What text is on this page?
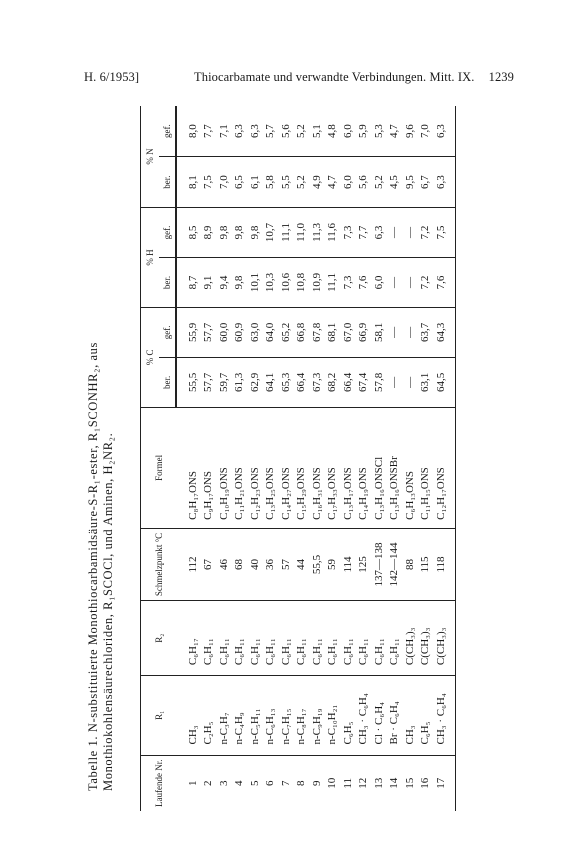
H. 6/1953]	Thiocarbamate und verwandte Verbindungen. Mitt. IX. 1239
Tabelle 1. N-substituierte Monothiocarbamidsäure-S-R₁-ester, R₁SCONHR₂, aus Monothiokohlensäurechloriden, R₁SCOCl, und Aminen, H₂NR₂.	Laufende Nr.	R₁	R₂	Schmelzpunkt °C	Formel	% C		% H		% N	
					ber.	gef.	ber.	gef.	ber.	gef.

1	CH₃	C₆H₁₇	112	C₈H₁₇ONS	55,5	55,9	8,7	8,5	8,1	8,0
2	C₂H₅	C₆H₁₁	67	C₉H₁₇ONS	57,7	57,7	9,1	8,9	7,5	7,7
3	n-C₃H₇	C₆H₁₁	46	C₁₀H₁₉ONS	59,7	60,0	9,4	9,8	7,0	7,1
4	n-C₄H₉	C₆H₁₁	68	C₁₁H₂₁ONS	61,3	60,9	9,8	9,8	6,5	6,3
5	n-C₅H₁₁	C₆H₁₁	40	C₁₂H₂₃ONS	62,9	63,0	10,1	9,8	6,1	6,3
6	n-C₆H₁₃	C₆H₁₁	36	C₁₃H₂₅ONS	64,1	64,0	10,3	10,7	5,8	5,7
7	n-C₇H₁₅	C₆H₁₁	57	C₁₄H₂₇ONS	65,3	65,2	10,6	11,1	5,5	5,6
8	n-C₈H₁₇	C₆H₁₁	44	C₁₅H₂₉ONS	66,4	66,8	10,8	11,0	5,2	5,2
9	n-C₉H₁₉	C₆H₁₁	55,5	C₁₆H₃₁ONS	67,3	67,8	10,9	11,3	4,9	5,1
10	n-C₁₀H₂₁	C₆H₁₁	59	C₁₇H₃₃ONS	68,2	68,1	11,1	11,6	4,7	4,8
11	C₆H₅	C₆H₁₁	114	C₁₃H₁₇ONS	66,4	67,0	7,3	7,3	6,0	6,0
12	CH₃ · C₆H₄	C₆H₁₁	125	C₁₄H₁₉ONS	67,4	66,9	7,6	7,7	5,6	5,9
13	Cl · C₆H₄	C₆H₁₁	137—138	C₁₃H₁₆ONSCl	57,8	58,1	6,0	6,3	5,2	5,3
14	Br · C₆H₄	C₆H₁₁	142—144	C₁₃H₁₆ONSBr	—	—	—	—	4,5	4,7
15	CH₃	C(CH₃)₃	88	C₆H₁₃ONS	—	—	—	—	9,5	9,6
16	C₆H₅	C(CH₃)₃	115	C₁₁H₁₅ONS	63,1	63,7	7,2	7,2	6,7	7,0
17	CH₃ · C₆H₄	C(CH₃)₃	118	C₁₂H₁₇ONS	64,5	64,3	7,6	7,5	6,3	6,3
